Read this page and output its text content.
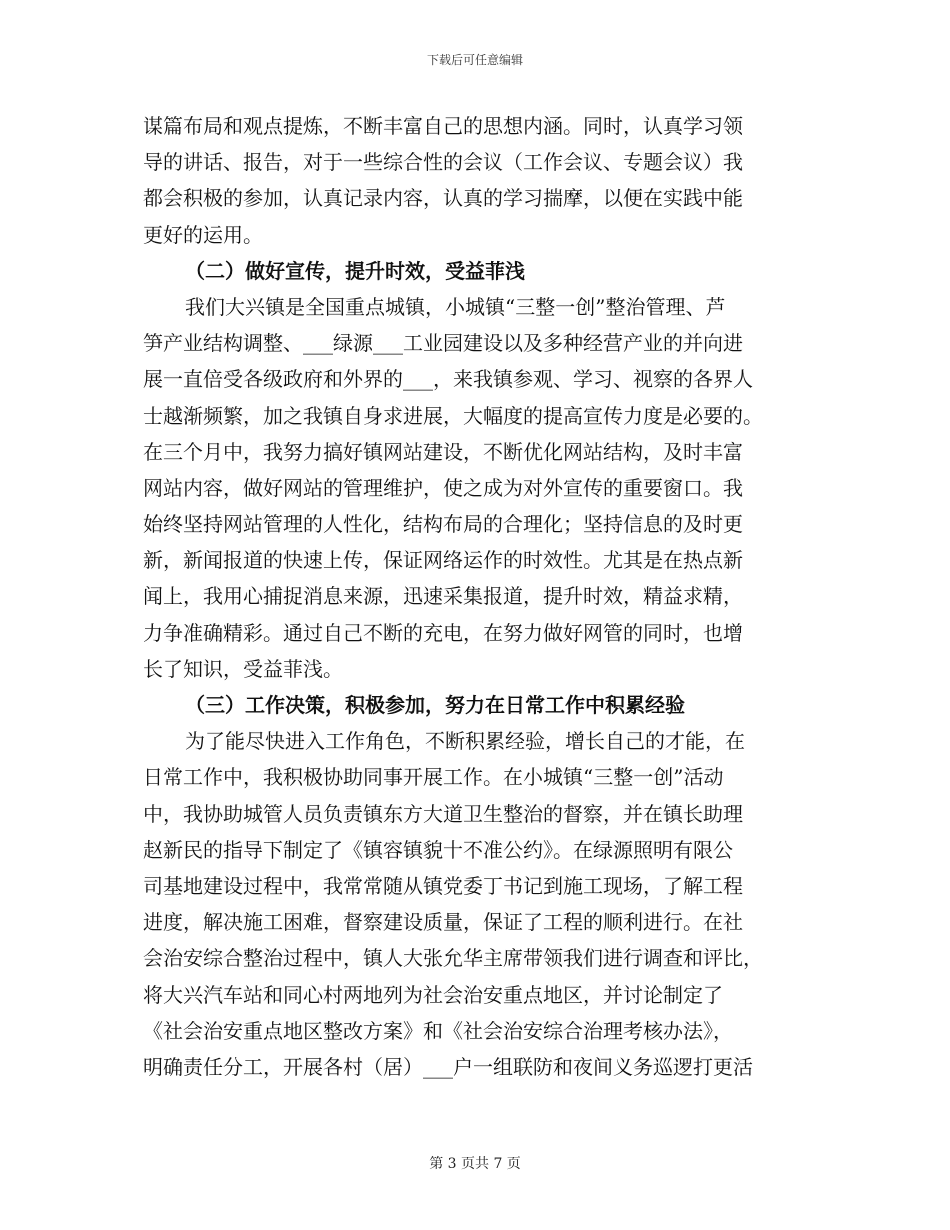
下载后可任意编辑
谋篇布局和观点提炼，不断丰富自己的思想内涵。同时，认真学习领
导的讲话、报告，对于一些综合性的会议（工作会议、专题会议）我
都会积极的参加，认真记录内容，认真的学习揣摩，以便在实践中能
更好的运用。
（二）做好宣传，提升时效，受益菲浅
我们大兴镇是全国重点城镇，小城镇“三整一创”整治管理、芦
笋产业结构调整、___绿源___工业园建设以及多种经营产业的并向进
展一直倍受各级政府和外界的___，来我镇参观、学习、视察的各界人
士越渐频繁，加之我镇自身求进展，大幅度的提高宣传力度是必要的。
在三个月中，我努力搞好镇网站建设，不断优化网站结构，及时丰富
网站内容，做好网站的管理维护，使之成为对外宣传的重要窗口。我
始终坚持网站管理的人性化，结构布局的合理化；坚持信息的及时更
新，新闻报道的快速上传，保证网络运作的时效性。尤其是在热点新
闻上，我用心捕捉消息来源，迅速采集报道，提升时效，精益求精，
力争准确精彩。通过自己不断的充电，在努力做好网管的同时，也增
长了知识，受益菲浅。
（三）工作决策，积极参加，努力在日常工作中积累经验
为了能尽快进入工作角色，不断积累经验，增长自己的才能，在
日常工作中，我积极协助同事开展工作。在小城镇“三整一创”活动
中，我协助城管人员负责镇东方大道卫生整治的督察，并在镇长助理
赵新民的指导下制定了《镇容镇貌十不准公约》。在绿源照明有限公
司基地建设过程中，我常常随从镇党委丁书记到施工现场，了解工程
进度，解决施工困难，督察建设质量，保证了工程的顺利进行。在社
会治安综合整治过程中，镇人大张允华主席带领我们进行调查和评比，
将大兴汽车站和同心村两地列为社会治安重点地区，并讨论制定了
《社会治安重点地区整改方案》和《社会治安综合治理考核办法》，
明确责任分工，开展各村（居）___户一组联防和夜间义务巡逻打更活
第 3 页共 7 页
